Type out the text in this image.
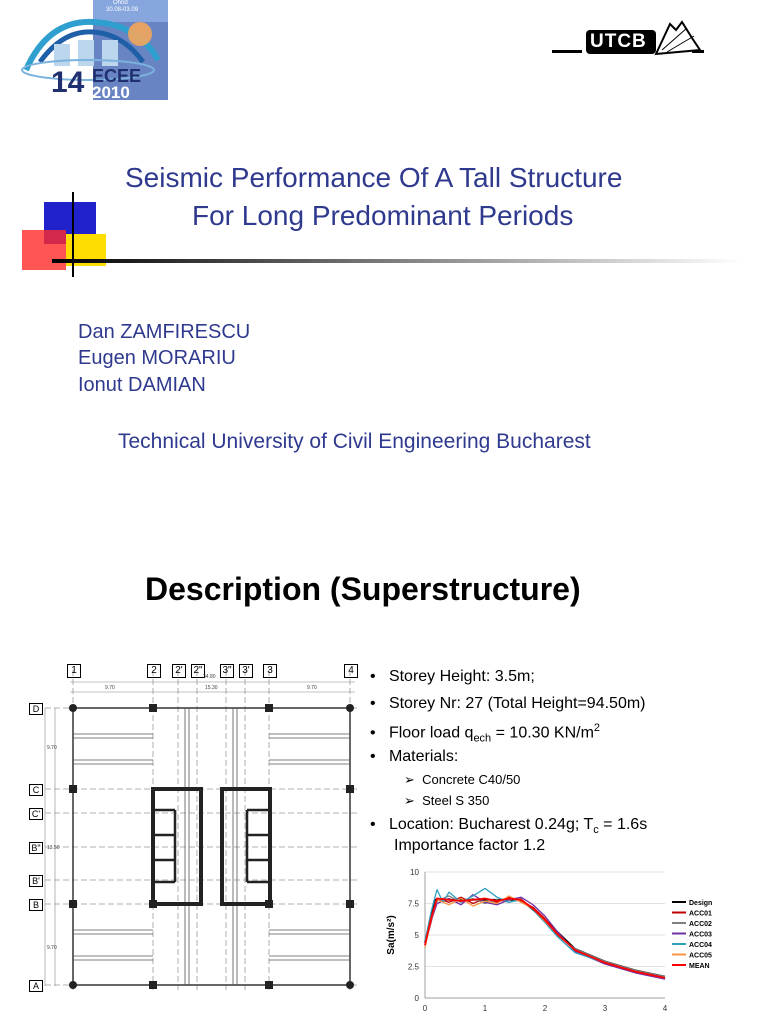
Ohrid
30.08-03.09
14 ECEE
2010
UTCB
Seismic Performance Of A Tall Structure
For Long Predominant Periods
Dan ZAMFIRESCU
Eugen MORARIU
Ionut DAMIAN
Technical University of Civil Engineering Bucharest
Description (Superstructure)
1	2	2'	2" 3"	3'	3	4
D
C
C'
B"
B'
B
A
34.80
9.70	15.30	9.70
9.70
13.50
9.70
•   Storey Height: 3.5m;
•   Storey Nr: 27 (Total Height=94.50m)
•   Floor load $q_{ech} = 10.30$ $KN/m^2$
•   Materials:
➢  Concrete C40/50
➢  Steel S 350
•   Location: Bucharest 0.24g; $T_c = 1.6s$
Importance factor 1.2
0
2.5
5
7.5
10
0	1	2	3	4
Sa(m/s²)
Design
ACC01
ACC02
ACC03
ACC04
ACC05
MEAN
